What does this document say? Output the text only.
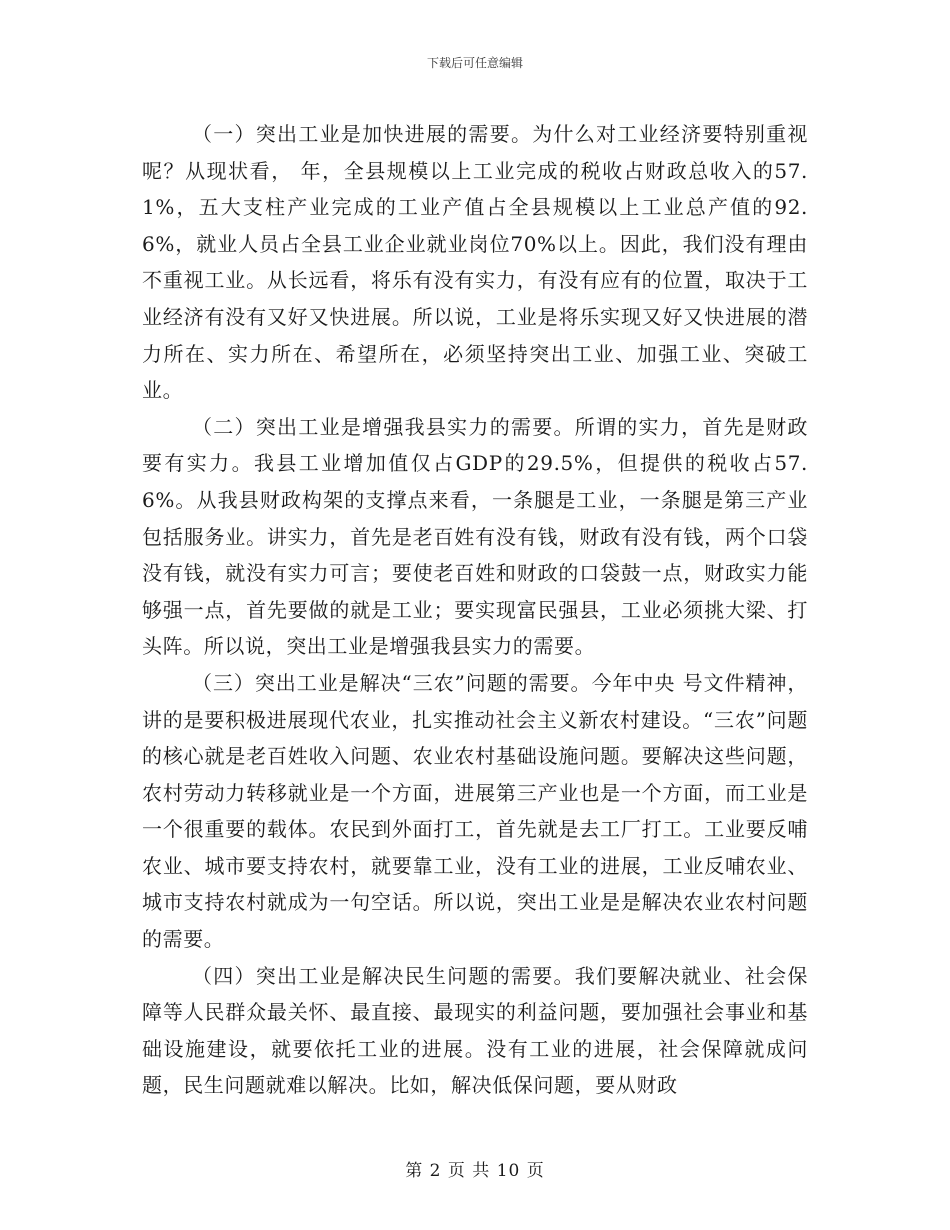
下载后可任意编辑

（一）突出工业是加快进展的需要。为什么对工业经济要特别重视呢？从现状看， 年，全县规模以上工业完成的税收占财政总收入的57.1%，五大支柱产业完成的工业产值占全县规模以上工业总产值的92.6%，就业人员占全县工业企业就业岗位70%以上。因此，我们没有理由不重视工业。从长远看，将乐有没有实力，有没有应有的位置，取决于工业经济有没有又好又快进展。所以说，工业是将乐实现又好又快进展的潜力所在、实力所在、希望所在，必须坚持突出工业、加强工业、突破工业。

（二）突出工业是增强我县实力的需要。所谓的实力，首先是财政要有实力。我县工业增加值仅占GDP的29.5%，但提供的税收占57.6%。从我县财政构架的支撑点来看，一条腿是工业，一条腿是第三产业包括服务业。讲实力，首先是老百姓有没有钱，财政有没有钱，两个口袋没有钱，就没有实力可言；要使老百姓和财政的口袋鼓一点，财政实力能够强一点，首先要做的就是工业；要实现富民强县，工业必须挑大梁、打头阵。所以说，突出工业是增强我县实力的需要。

（三）突出工业是解决“三农”问题的需要。今年中央 号文件精神，讲的是要积极进展现代农业，扎实推动社会主义新农村建设。“三农”问题的核心就是老百姓收入问题、农业农村基础设施问题。要解决这些问题，农村劳动力转移就业是一个方面，进展第三产业也是一个方面，而工业是一个很重要的载体。农民到外面打工，首先就是去工厂打工。工业要反哺农业、城市要支持农村，就要靠工业，没有工业的进展，工业反哺农业、城市支持农村就成为一句空话。所以说，突出工业是是解决农业农村问题的需要。

（四）突出工业是解决民生问题的需要。我们要解决就业、社会保障等人民群众最关怀、最直接、最现实的利益问题，要加强社会事业和基础设施建设，就要依托工业的进展。没有工业的进展，社会保障就成问题，民生问题就难以解决。比如，解决低保问题，要从财政

第 2 页 共 10 页
